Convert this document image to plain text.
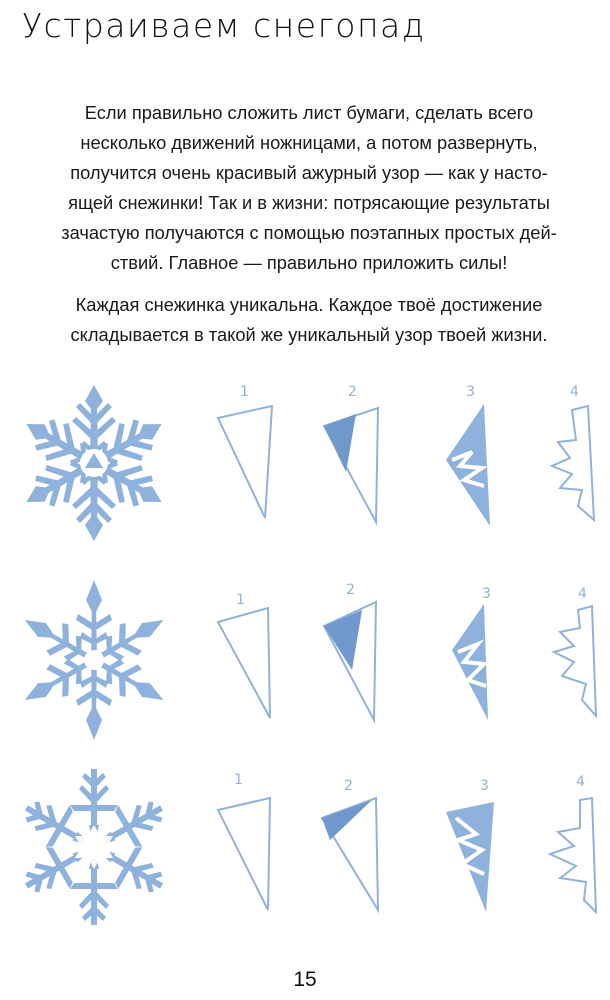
Устраиваем снегопад
Если правильно сложить лист бумаги, сделать всего
несколько движений ножницами, а потом развернуть,
получится очень красивый ажурный узор — как у насто-
ящей снежинки! Так и в жизни: потрясающие результаты
зачастую получаются с помощью поэтапных простых дей-
ствий. Главное — правильно приложить силы!
Каждая снежинка уникальна. Каждое твоё достижение
складывается в такой же уникальный узор твоей жизни.
1	2	3	4
1
2	3	4
1	2	3	4
15
